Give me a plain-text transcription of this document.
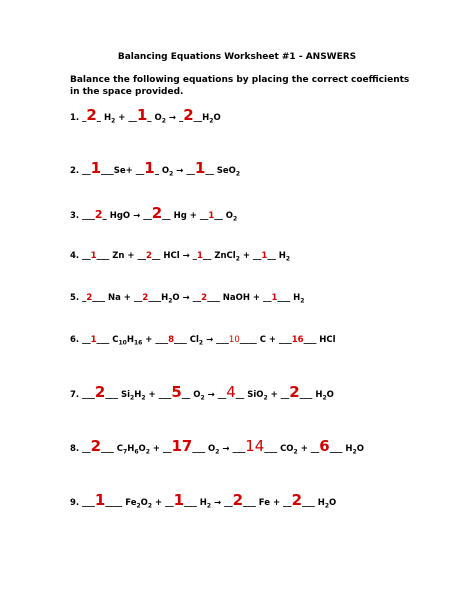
Balancing Equations Worksheet #1 - ANSWERS
Balance the following equations by placing the correct coefficients in the space provided.
1. _2_ $H_2$ + __1_ $O_2$ → $\_2\_\_H_2O$
2. __1___Se+ __1_ $O_2$ → __1__ SeO$_2$
3. ___2_ HgO → __2__ Hg + __1__ $O_2$
4. __1___ Zn + __2__ HCl → _1__ ZnCl$_2$ + __1__ $H_2$
5. _2___ $Na + \_\_2\_\_\_H_2O$ → __2___ NaOH + __1___ $H_2$
6. __1___ $C_{10}H_{16}$ + ___8___ $Cl_2$ → ___10____ C + ___16___ HCl
7. ___2___ $Si_2H_2$ + ___5__ $O_2$ → __4__ SiO$_2$ + __2___ $H_2O$
8. __2___ $C_7H_6O_2$ + __17___ $O_2$ → ___14___ $CO_2$ + __6___ $H_2O$
9. ___1____ $Fe_2O_2$ + __1___ $H_2$ → __2___ Fe + __2___ $H_2O$
